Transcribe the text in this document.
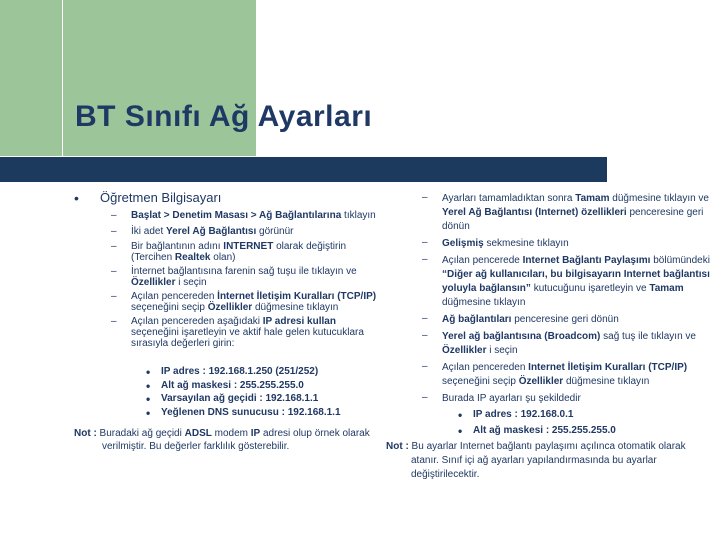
BT Sınıfı Ağ Ayarları
•	Öğretmen Bilgisayarı
–	Başlat > Denetim Masası > Ağ Bağlantılarına tıklayın
–	İki adet Yerel Ağ Bağlantısı görünür
–	Bir bağlantının adını INTERNET olarak değiştirin (Tercihen Realtek olan)
–	İnternet bağlantısına farenin sağ tuşu ile tıklayın ve Özellikler i seçin
–	Açılan pencereden İnternet İletişim Kuralları (TCP/IP) seçeneğini seçip Özellikler düğmesine tıklayın
–	Açılan pencereden aşağıdaki IP adresi kullan seçeneğini işaretleyin ve aktif hale gelen kutucuklara sırasıyla değerleri girin:
•	IP adres : 192.168.1.250 (251/252)
•	Alt ağ maskesi : 255.255.255.0
•	Varsayılan ağ geçidi : 192.168.1.1
•	Yeğlenen DNS sunucusu : 192.168.1.1
Not : Buradaki ağ geçidi ADSL modem IP adresi olup örnek olarak verilmiştir. Bu değerler farklılık gösterebilir.
–	Ayarları tamamladıktan sonra Tamam düğmesine tıklayın ve Yerel Ağ Bağlantısı (Internet) özellikleri penceresine geri dönün
–	Gelişmiş sekmesine tıklayın
–	Açılan pencerede Internet Bağlantı Paylaşımı bölümündeki “Diğer ağ kullanıcıları, bu bilgisayarın Internet bağlantısı yoluyla bağlansın” kutucuğunu işaretleyin ve Tamam düğmesine tıklayın
–	Ağ bağlantıları penceresine geri dönün
–	Yerel ağ bağlantısına (Broadcom) sağ tuş ile tıklayın ve Özellikler i seçin
–	Açılan pencereden Internet İletişim Kuralları (TCP/IP) seçeneğini seçip Özellikler düğmesine tıklayın
–	Burada IP ayarları şu şekildedir
•	IP adres : 192.168.0.1
•	Alt ağ maskesi : 255.255.255.0
Not : Bu ayarlar Internet bağlantı paylaşımı açılınca otomatik olarak atanır. Sınıf içi ağ ayarları yapılandırmasında bu ayarlar değiştirilecektir.
